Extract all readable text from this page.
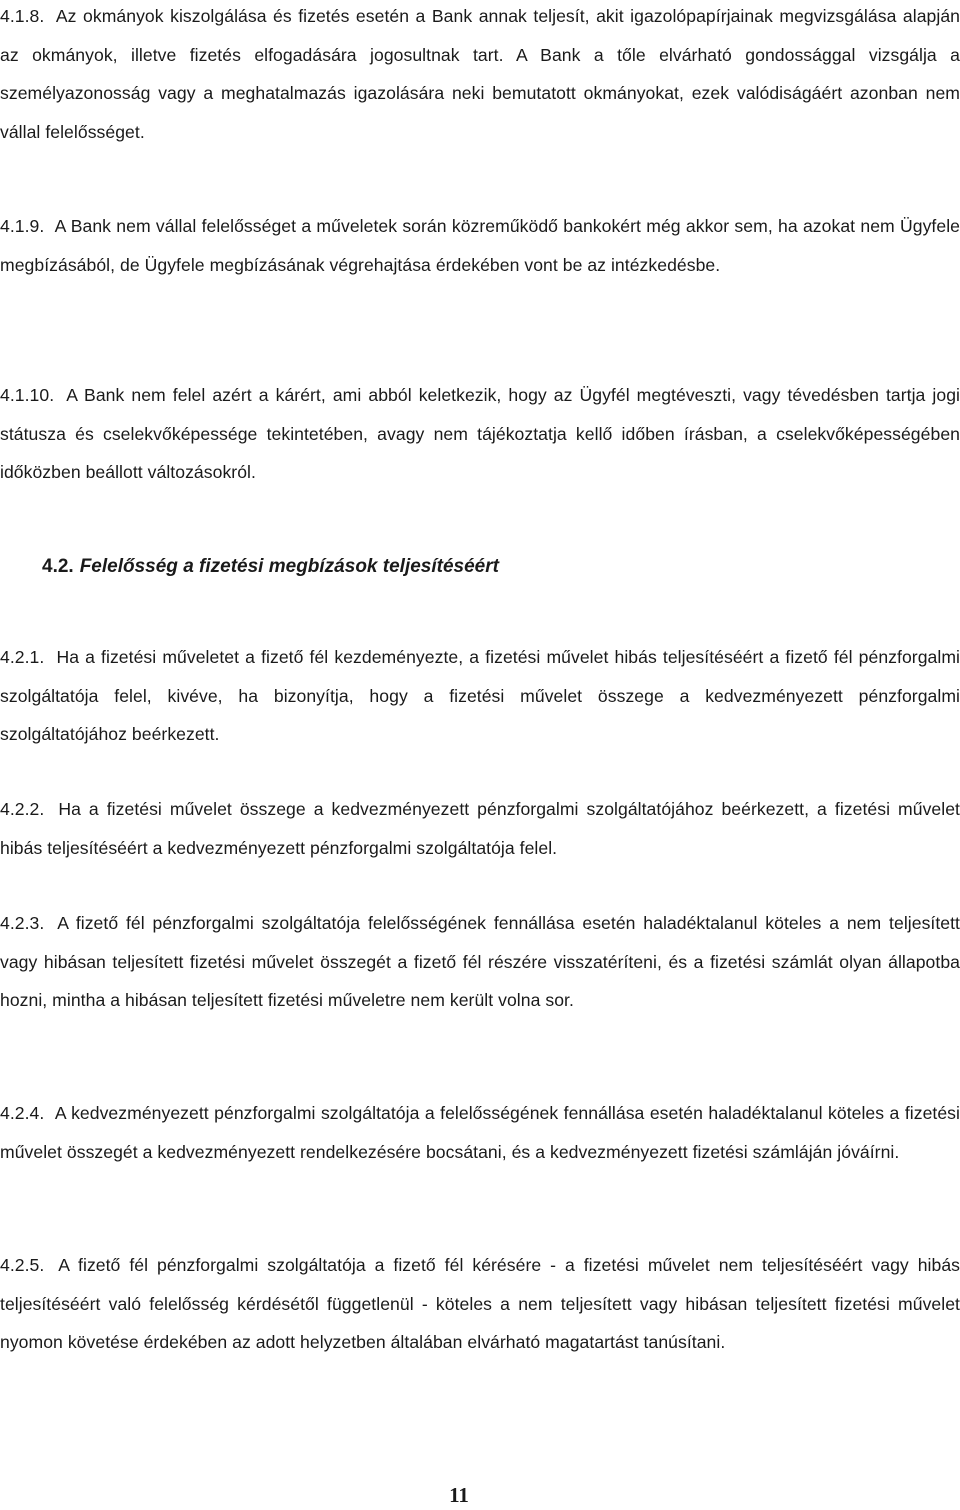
4.1.8. Az okmányok kiszolgálása és fizetés esetén a Bank annak teljesít, akit igazolópapírjainak megvizsgálása alapján az okmányok, illetve fizetés elfogadására jogosultnak tart. A Bank a tőle elvárható gondossággal vizsgálja a személyazonosság vagy a meghatalmazás igazolására neki bemutatott okmányokat, ezek valódiságáért azonban nem vállal felelősséget.

4.1.9. A Bank nem vállal felelősséget a műveletek során közreműködő bankokért még akkor sem, ha azokat nem Ügyfele megbízásából, de Ügyfele megbízásának végrehajtása érdekében vont be az intézkedésbe.

4.1.10. A Bank nem felel azért a kárért, ami abból keletkezik, hogy az Ügyfél megtéveszti, vagy tévedésben tartja jogi státusza és cselekvőképessége tekintetében, avagy nem tájékoztatja kellő időben írásban, a cselekvőképességében időközben beállott változásokról.

4.2. Felelősség a fizetési megbízások teljesítéséért

4.2.1. Ha a fizetési műveletet a fizető fél kezdeményezte, a fizetési művelet hibás teljesítéséért a fizető fél pénzforgalmi szolgáltatója felel, kivéve, ha bizonyítja, hogy a fizetési művelet összege a kedvezményezett pénzforgalmi szolgáltatójához beérkezett.

4.2.2. Ha a fizetési művelet összege a kedvezményezett pénzforgalmi szolgáltatójához beérkezett, a fizetési művelet hibás teljesítéséért a kedvezményezett pénzforgalmi szolgáltatója felel.

4.2.3. A fizető fél pénzforgalmi szolgáltatója felelősségének fennállása esetén haladéktalanul köteles a nem teljesített vagy hibásan teljesített fizetési művelet összegét a fizető fél részére visszatéríteni, és a fizetési számlát olyan állapotba hozni, mintha a hibásan teljesített fizetési műveletre nem került volna sor.

4.2.4. A kedvezményezett pénzforgalmi szolgáltatója a felelősségének fennállása esetén haladéktalanul köteles a fizetési művelet összegét a kedvezményezett rendelkezésére bocsátani, és a kedvezményezett fizetési számláján jóváírni.

4.2.5. A fizető fél pénzforgalmi szolgáltatója a fizető fél kérésére - a fizetési művelet nem teljesítéséért vagy hibás teljesítéséért való felelősség kérdésétől függetlenül - köteles a nem teljesített vagy hibásan teljesített fizetési művelet nyomon követése érdekében az adott helyzetben általában elvárható magatartást tanúsítani.

11
